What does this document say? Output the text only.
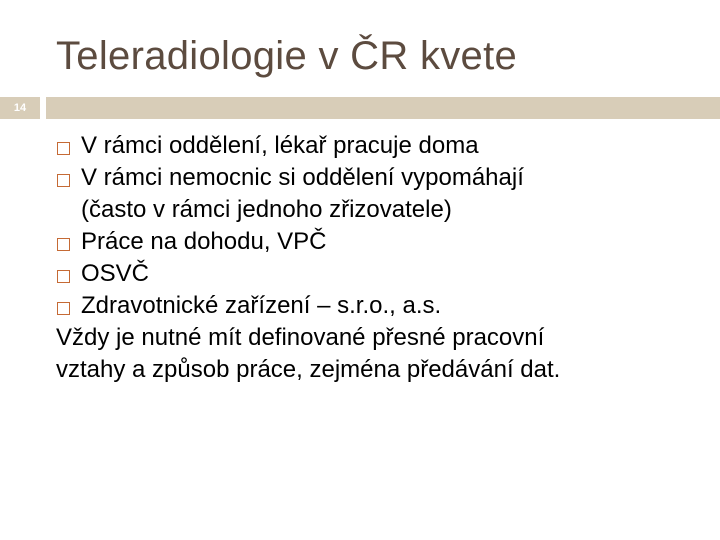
Teleradiologie v ČR kvete
14
V rámci oddělení, lékař pracuje doma
V rámci nemocnic si oddělení vypomáhají
(často v rámci jednoho zřizovatele)
Práce na dohodu, VPČ
OSVČ
Zdravotnické zařízení – s.r.o., a.s.
Vždy je nutné mít definované přesné pracovní
vztahy a způsob práce, zejména předávání dat.
